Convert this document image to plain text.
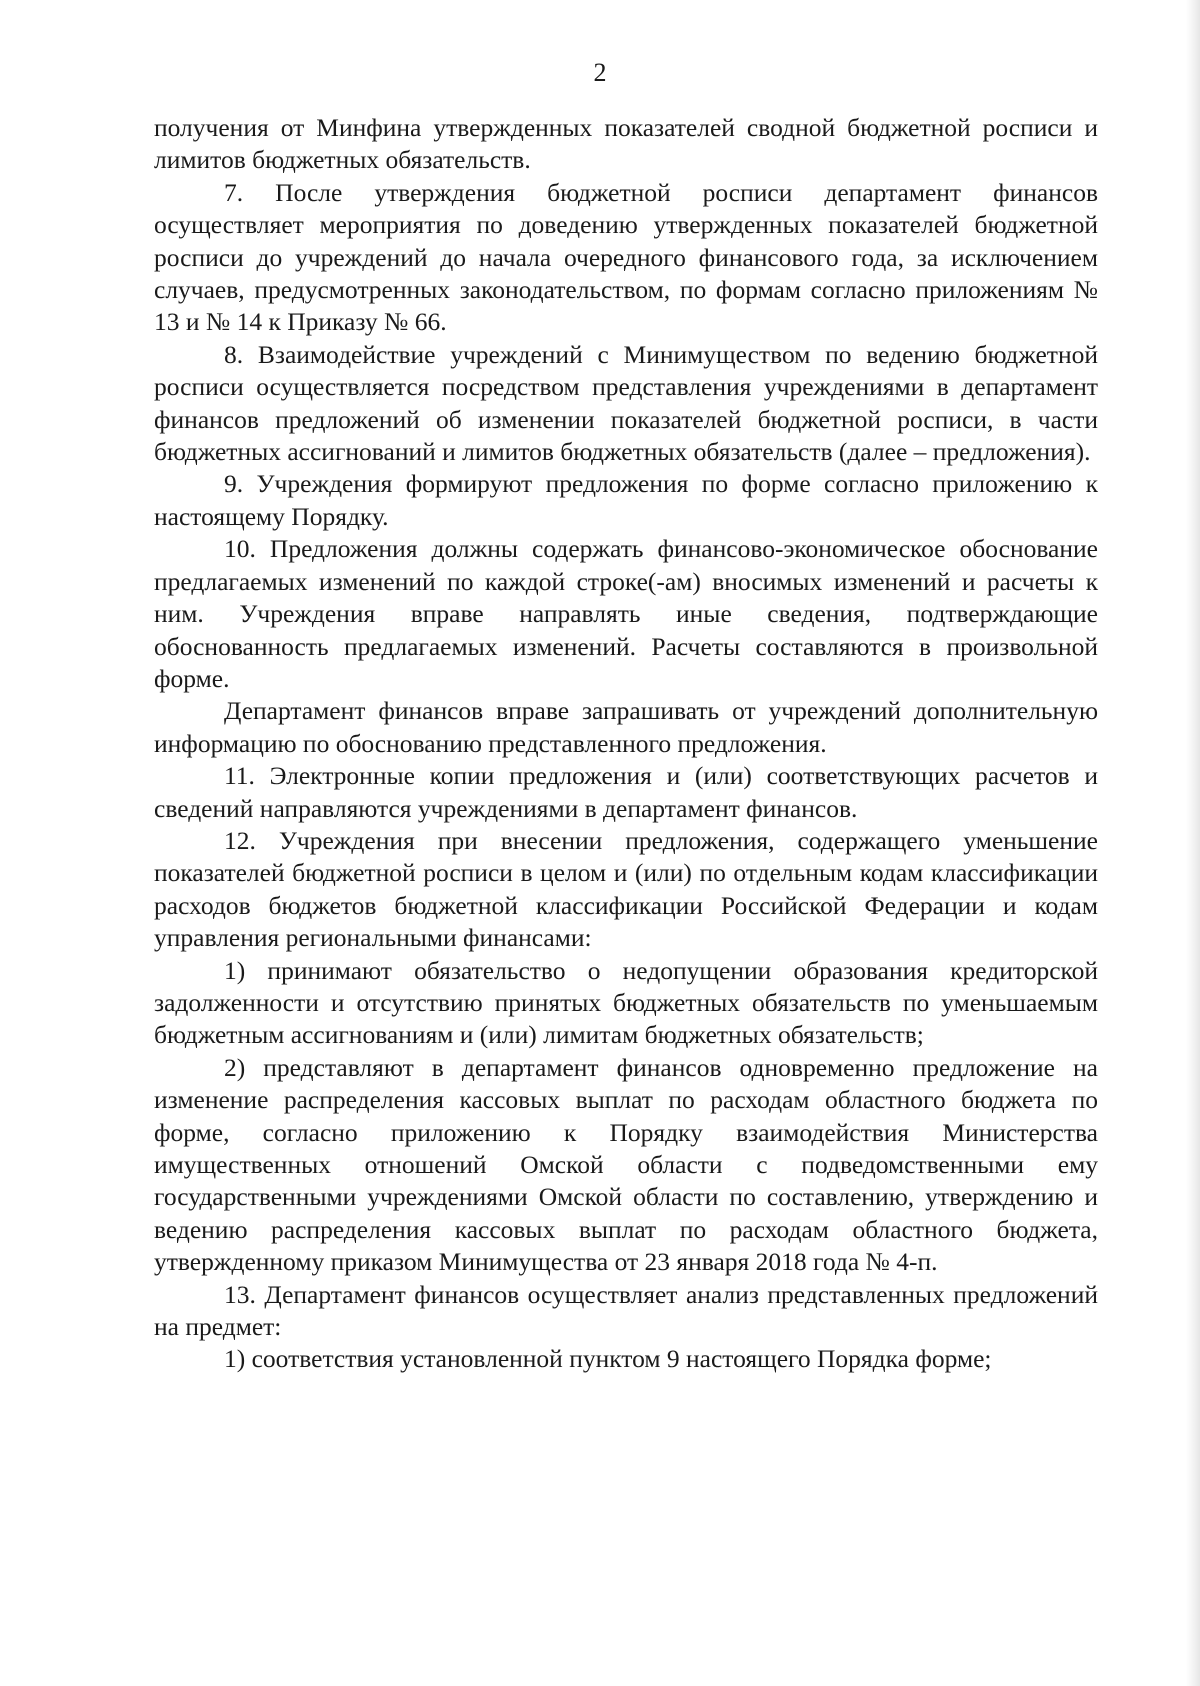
2

получения от Минфина утвержденных показателей сводной бюджетной росписи и лимитов бюджетных обязательств.

7. После утверждения бюджетной росписи департамент финансов осуществляет мероприятия по доведению утвержденных показателей бюджетной росписи до учреждений до начала очередного финансового года, за исключением случаев, предусмотренных законодательством, по формам согласно приложениям № 13 и № 14 к Приказу № 66.

8. Взаимодействие учреждений с Минимуществом по ведению бюджетной росписи осуществляется посредством представления учреждениями в департамент финансов предложений об изменении показателей бюджетной росписи, в части бюджетных ассигнований и лимитов бюджетных обязательств (далее – предложения).

9. Учреждения формируют предложения по форме согласно приложению к настоящему Порядку.

10. Предложения должны содержать финансово-экономическое обоснование предлагаемых изменений по каждой строке(-ам) вносимых изменений и расчеты к ним. Учреждения вправе направлять иные сведения, подтверждающие обоснованность предлагаемых изменений. Расчеты составляются в произвольной форме.

Департамент финансов вправе запрашивать от учреждений дополнительную информацию по обоснованию представленного предложения.

11. Электронные копии предложения и (или) соответствующих расчетов и сведений направляются учреждениями в департамент финансов.

12. Учреждения при внесении предложения, содержащего уменьшение показателей бюджетной росписи в целом и (или) по отдельным кодам классификации расходов бюджетов бюджетной классификации Российской Федерации и кодам управления региональными финансами:

1) принимают обязательство о недопущении образования кредиторской задолженности и отсутствию принятых бюджетных обязательств по уменьшаемым бюджетным ассигнованиям и (или) лимитам бюджетных обязательств;

2) представляют в департамент финансов одновременно предложение на изменение распределения кассовых выплат по расходам областного бюджета по форме, согласно приложению к Порядку взаимодействия Министерства имущественных отношений Омской области с подведомственными ему государственными учреждениями Омской области по составлению, утверждению и ведению распределения кассовых выплат по расходам областного бюджета, утвержденному приказом Минимущества от 23 января 2018 года № 4-п.

13. Департамент финансов осуществляет анализ представленных предложений на предмет:

1) соответствия установленной пунктом 9 настоящего Порядка форме;
